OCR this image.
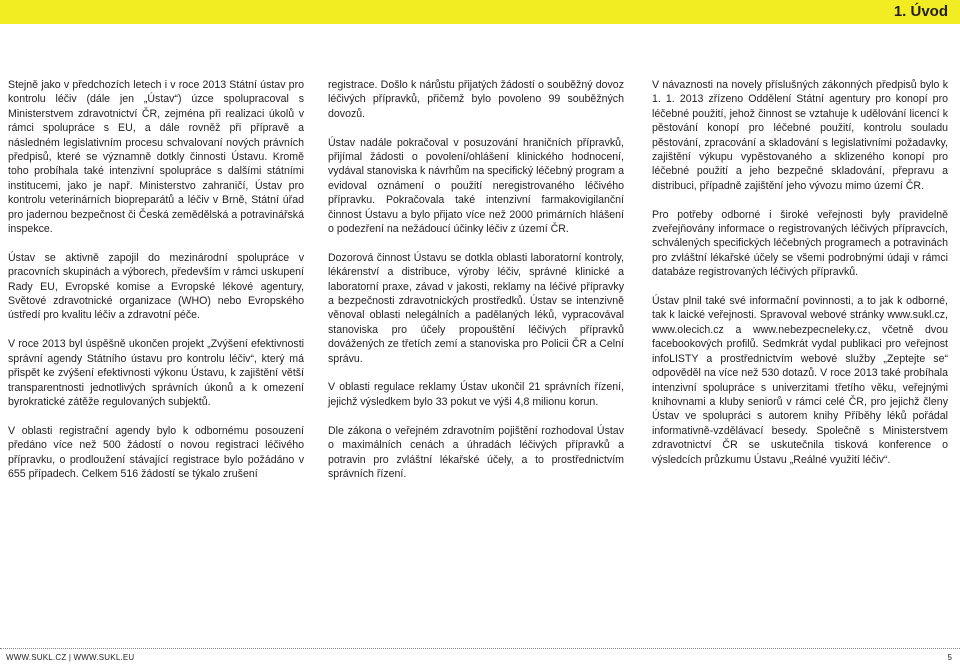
1. Úvod

Stejně jako v předchozích letech i v roce 2013 Státní ústav pro kontrolu léčiv (dále jen „Ústav“) úzce spolupracoval s Ministerstvem zdravotnictví ČR, zejména při realizaci úkolů v rámci spolupráce s EU, a dále rovněž při přípravě a následném legislativním procesu schvalovaní nových právních předpisů, které se významně dotkly činnosti Ústavu. Kromě toho probíhala také intenzivní spolupráce s dalšími státními institucemi, jako je např. Ministerstvo zahraničí, Ústav pro kontrolu veterinárních biopreparátů a léčiv v Brně, Státní úřad pro jadernou bezpečnost či Česká zemědělská a potravinářská inspekce.

Ústav se aktivně zapojil do mezinárodní spolupráce v pracovních skupinách a výborech, především v rámci uskupení Rady EU, Evropské komise a Evropské lékové agentury, Světové zdravotnické organizace (WHO) nebo Evropského ústředí pro kvalitu léčiv a zdravotní péče.

V roce 2013 byl úspěšně ukončen projekt „Zvýšení efektivnosti správní agendy Státního ústavu pro kontrolu léčiv“, který má přispět ke zvýšení efektivnosti výkonu Ústavu, k zajištění větší transparentnosti jednotlivých správních úkonů a k omezení byrokratické zátěže regulovaných subjektů.

V oblasti registrační agendy bylo k odbornému posouzení předáno více než 500 žádostí o novou registraci léčivého přípravku, o prodloužení stávající registrace bylo požádáno v 655 případech. Celkem 516 žádostí se týkalo zrušení

registrace. Došlo k nárůstu přijatých žádostí o souběžný dovoz léčivých přípravků, přičemž bylo povoleno 99 souběžných dovozů.

Ústav nadále pokračoval v posuzování hraničních přípravků, přijímal žádosti o povolení/ohlášení klinického hodnocení, vydával stanoviska k návrhům na specifický léčebný program a evidoval oznámení o použití neregistrovaného léčivého přípravku. Pokračovala také intenzivní farmakovigilanční činnost Ústavu a bylo přijato více než 2000 primárních hlášení o podezření na nežádoucí účinky léčiv z území ČR.

Dozorová činnost Ústavu se dotkla oblasti laboratorní kontroly, lékárenství a distribuce, výroby léčiv, správné klinické a laboratorní praxe, závad v jakosti, reklamy na léčivé přípravky a bezpečnosti zdravotnických prostředků. Ústav se intenzivně věnoval oblasti nelegálních a padělaných léků, vypracovával stanoviska pro účely propouštění léčivých přípravků dovážených ze třetích zemí a stanoviska pro Policii ČR a Celní správu.

V oblasti regulace reklamy Ústav ukončil 21 správních řízení, jejichž výsledkem bylo 33 pokut ve výši 4,8 milionu korun.

Dle zákona o veřejném zdravotním pojištění rozhodoval Ústav o maximálních cenách a úhradách léčivých přípravků a potravin pro zvláštní lékařské účely, a to prostřednictvím správních řízení.

V návaznosti na novely příslušných zákonných předpisů bylo k 1. 1. 2013 zřízeno Oddělení Státní agentury pro konopí pro léčebné použití, jehož činnost se vztahuje k udělování licencí k pěstování konopí pro léčebné použití, kontrolu souladu pěstování, zpracování a skladování s legislativními požadavky, zajištění výkupu vypěstovaného a sklizeného konopí pro léčebné použití a jeho bezpečné skladování, přepravu a distribuci, případně zajištění jeho vývozu mimo území ČR.

Pro potřeby odborné i široké veřejnosti byly pravidelně zveřejňovány informace o registrovaných léčivých přípravcích, schválených specifických léčebných programech a potravinách pro zvláštní lékařské účely se všemi podrobnými údaji v rámci databáze registrovaných léčivých přípravků.

Ústav plnil také své informační povinnosti, a to jak k odborné, tak k laické veřejnosti. Spravoval webové stránky www.sukl.cz, www.olecich.cz a www.nebezpecneleky.cz, včetně dvou facebookových profilů. Sedmkrát vydal publikaci pro veřejnost infoLISTY a prostřednictvím webové služby „Zeptejte se“ odpověděl na více než 530 dotazů. V roce 2013 také probíhala intenzivní spolupráce s univerzitami třetího věku, veřejnými knihovnami a kluby seniorů v rámci celé ČR, pro jejichž členy Ústav ve spolupráci s autorem knihy Příběhy léků pořádal informativně-vzdělávací besedy. Společně s Ministerstvem zdravotnictví ČR se uskutečnila tisková konference o výsledcích průzkumu Ústavu „Reálné využití léčiv“.

WWW.SUKL.CZ | WWW.SUKL.EU	5
